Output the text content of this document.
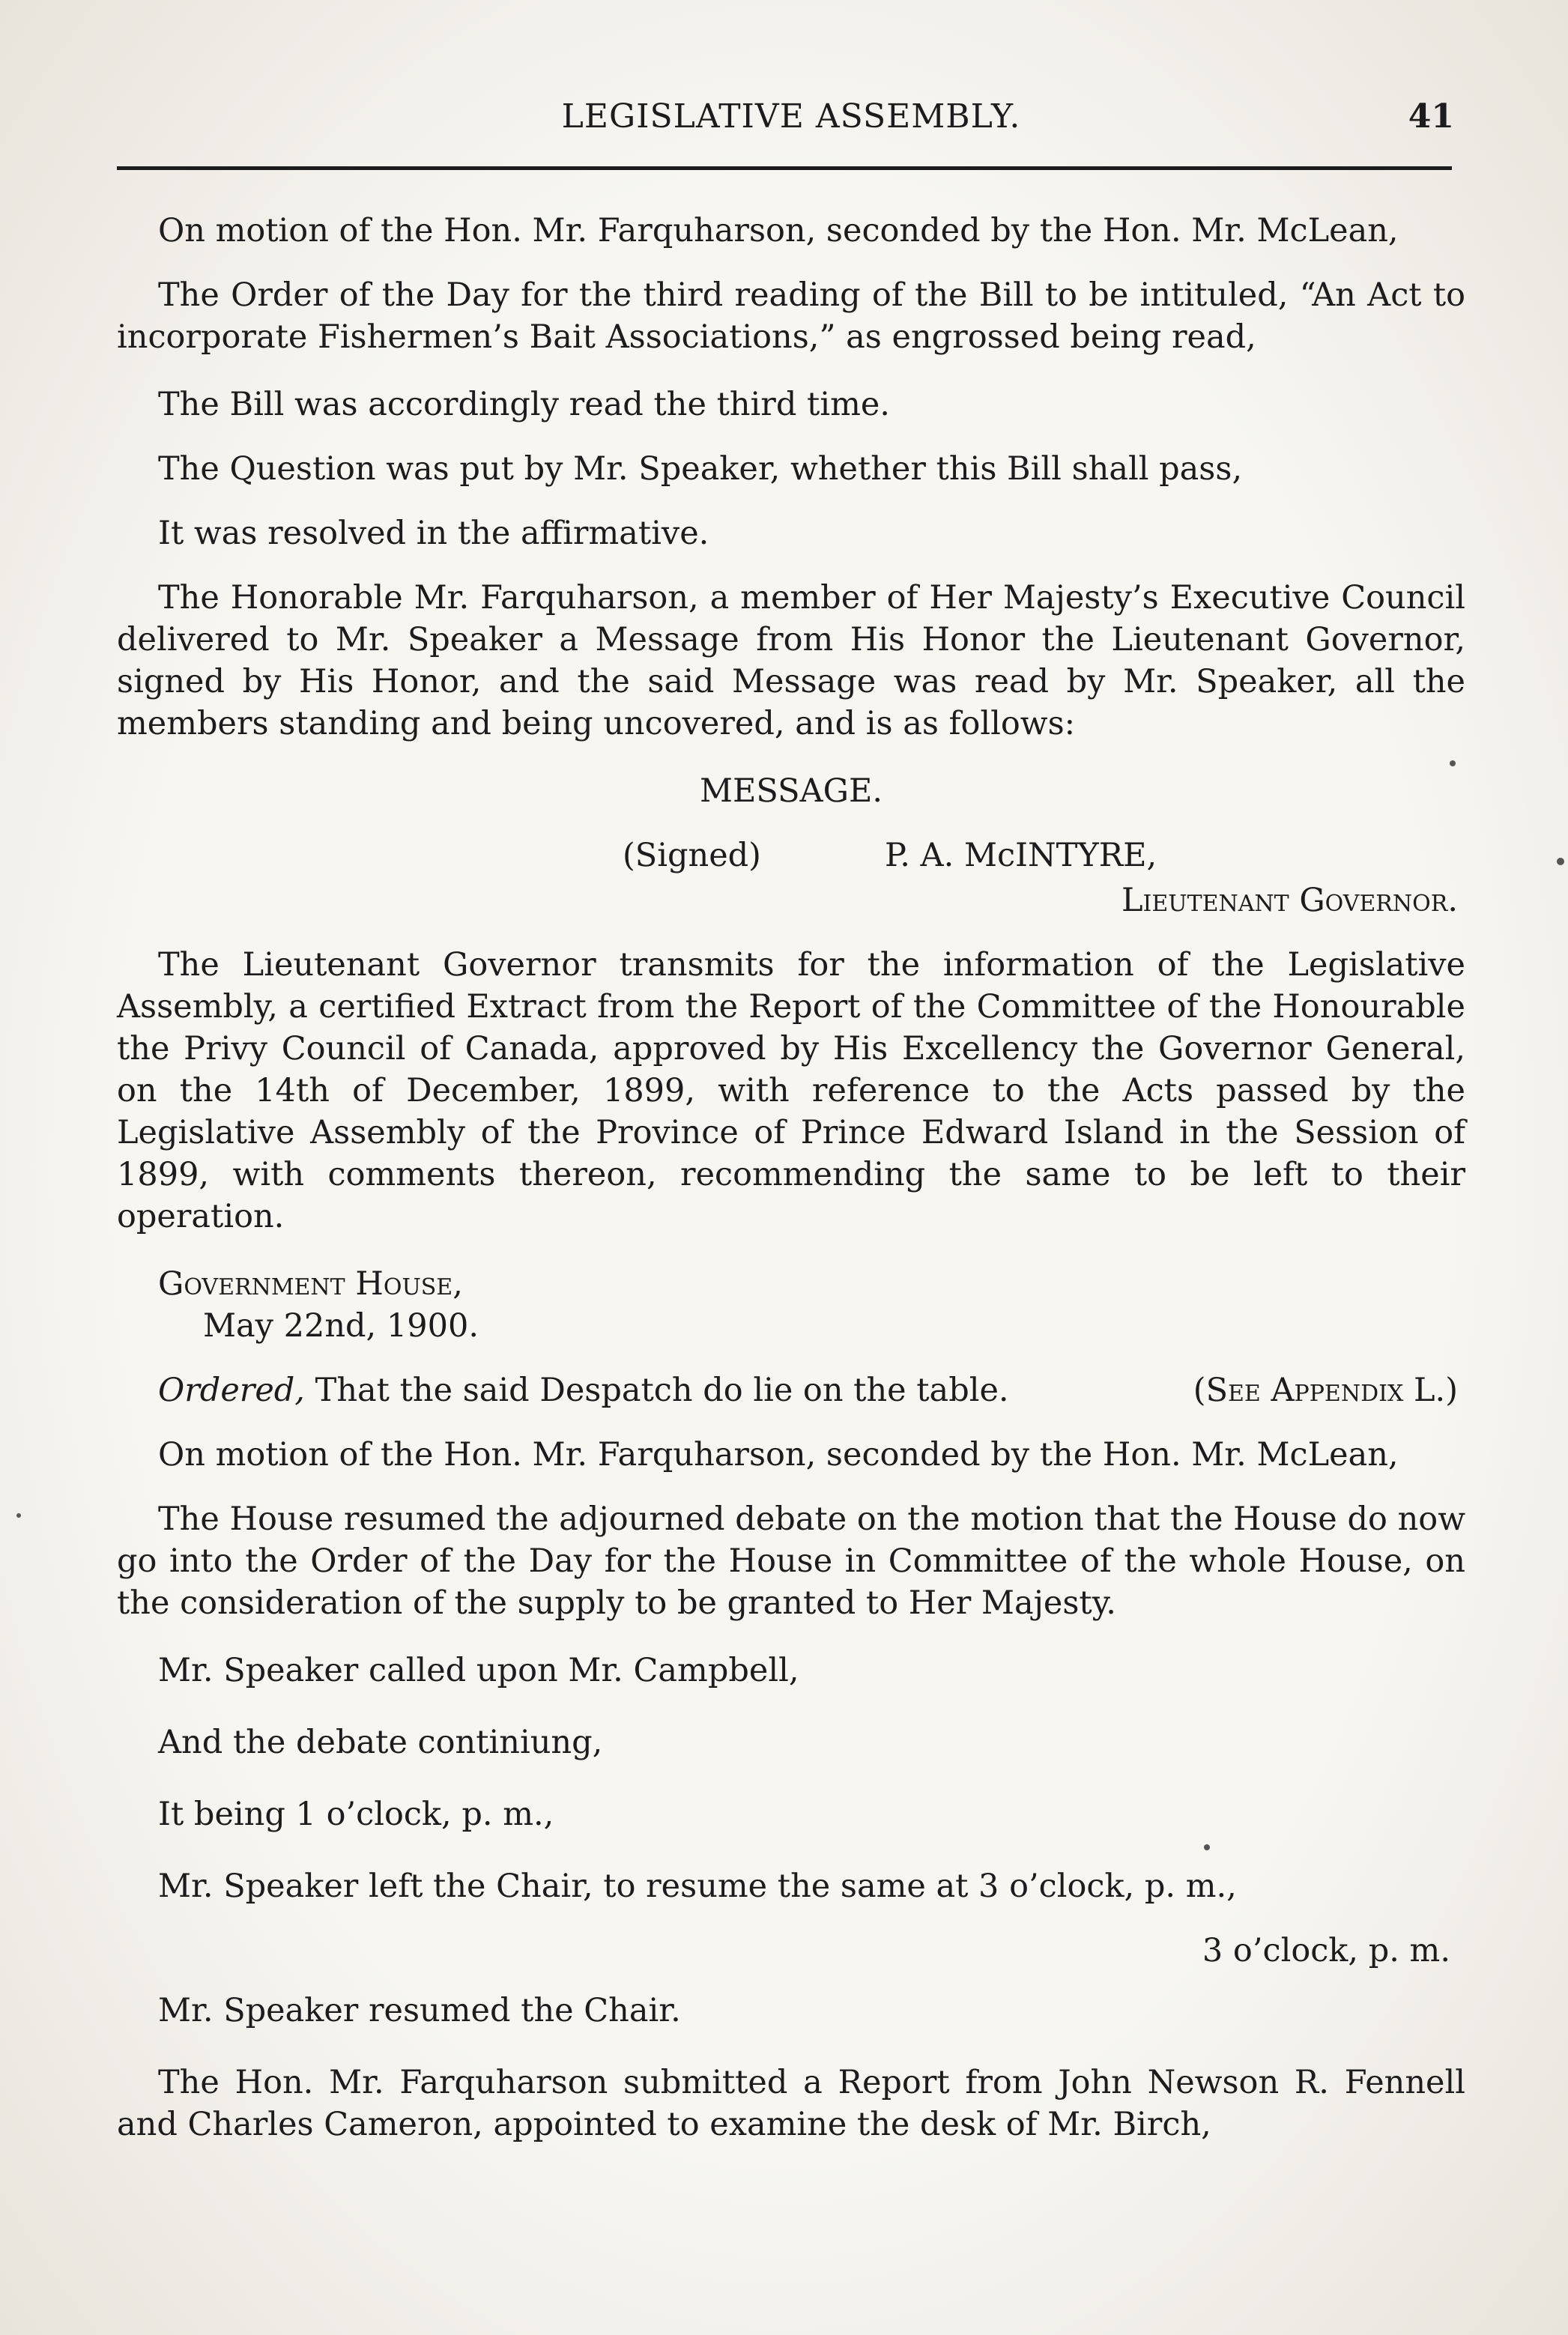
LEGISLATIVE ASSEMBLY.	41

On motion of the Hon. Mr. Farquharson, seconded by the Hon. Mr. McLean,

The Order of the Day for the third reading of the Bill to be intituled, “An Act to incorporate Fishermen’s Bait Associations,” as engrossed being read,

The Bill was accordingly read the third time.

The Question was put by Mr. Speaker, whether this Bill shall pass,

It was resolved in the affirmative.

The Honorable Mr. Farquharson, a member of Her Majesty’s Executive Council delivered to Mr. Speaker a Message from His Honor the Lieutenant Governor, signed by His Honor, and the said Message was read by Mr. Speaker, all the members standing and being uncovered, and is as follows:

MESSAGE.
(Signed)	P. A. McINTYRE,
Lieutenant Governor.

The Lieutenant Governor transmits for the information of the Legislative Assembly, a certified Extract from the Report of the Committee of the Honourable the Privy Council of Canada, approved by His Excellency the Governor General, on the 14th of December, 1899, with reference to the Acts passed by the Legislative Assembly of the Province of Prince Edward Island in the Session of 1899, with comments thereon, recommending the same to be left to their operation.

Government House,
May 22nd, 1900.
Ordered, That the said Despatch do lie on the table.	(See Appendix L.)

On motion of the Hon. Mr. Farquharson, seconded by the Hon. Mr. McLean,

The House resumed the adjourned debate on the motion that the House do now go into the Order of the Day for the House in Committee of the whole House, on the consideration of the supply to be granted to Her Majesty.

Mr. Speaker called upon Mr. Campbell,

And the debate continiung,

It being 1 o’clock, p. m.,

Mr. Speaker left the Chair, to resume the same at 3 o’clock, p. m.,

3 o’clock, p. m.

Mr. Speaker resumed the Chair.

The Hon. Mr. Farquharson submitted a Report from John Newson R. Fennell and Charles Cameron, appointed to examine the desk of Mr. Birch,
